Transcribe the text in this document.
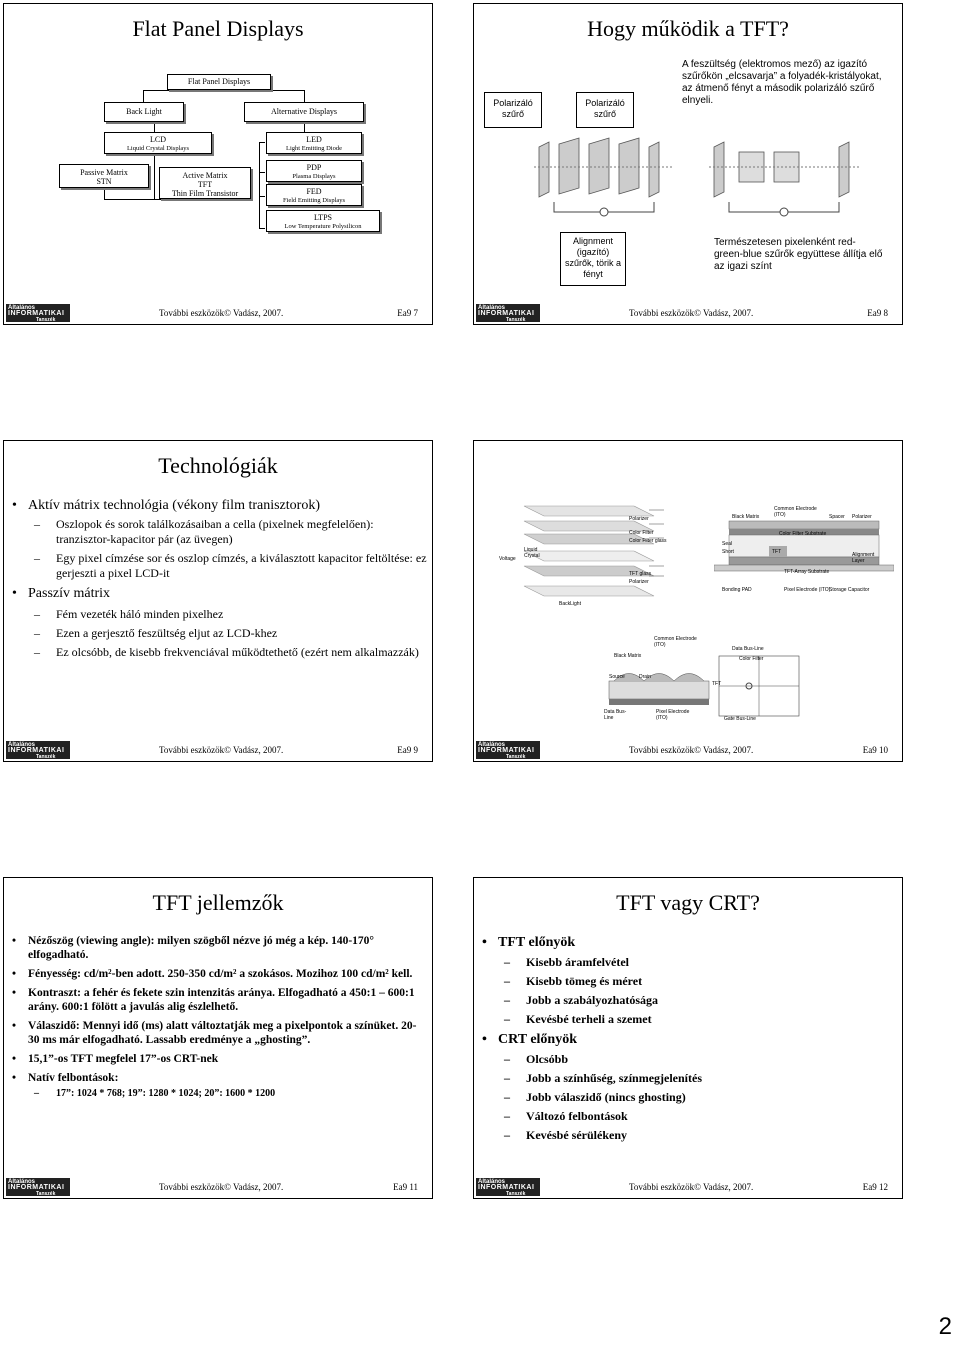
Flat Panel Displays
Flat Panel Displays
Back Light	Alternative Displays
LCD
Liquid Crystal Displays
LED
Light Emitting Diode
Passive Matrix
STN
Active Matrix
TFT
Thin Film Transistor
PDP
Plasma Displays
FED
Field Emitting Displays
LTPS
Low Temperature Polysilicon
Általános
INFORMATIKAI
Tanszék
További eszközök© Vadász, 2007.	Ea9 7
Hogy működik a TFT?
Polarizáló
szűrő
Polarizáló
szűrő
A feszültség (elektromos mező) az igazító szűrőkön „elcsavarja” a folyadék-kristályokat, az átmenő fényt a második polarizáló szűrő elnyeli.
Alignment (igazító) szűrők, törik a fényt
Természetesen pixelenként red-green-blue szűrők együttese állítja elő az igazi színt
Általános
INFORMATIKAI
Tanszék
További eszközök© Vadász, 2007.	Ea9 8
Technológiák
• Aktív mátrix technológia (vékony film tranisztorok)
– Oszlopok és sorok találkozásaiban a cella (pixelnek megfelelően): tranzisztor-kapacitor pár (az üvegen)
– Egy pixel címzése sor és oszlop címzés, a kiválasztott kapacitor feltöltése: ez gerjeszti a pixel LCD-it
• Passzív mátrix
– Fém vezeték háló minden pixelhez
– Ezen a gerjesztő feszültség eljut az LCD-khez
– Ez olcsóbb, de kisebb frekvenciával működtethető (ezért nem alkalmazzák)
Általános
INFORMATIKAI
Tanszék
További eszközök© Vadász, 2007.	Ea9 9
Polarizer
Color Filter
Color Filter glass
TFT glass
Polarizer
Voltage
Liquid Crystal
BackLight
Black Matrix
Common Electrode (ITO)	Spacer Polarizer
Color Filter Substrate
Seal
Short	TFT	Alignment Layer
TFT-Array Substrate
Bonding PAD	Pixel Electrode (ITO)
Storage Capacitor
Common Electrode (ITO)
Black Matrix
Data Bus-Line
Color Filter
Source	Drain
TFT
Data Bus-Line	Gate Bus-Line
Pixel Electrode (ITO)
Általános
INFORMATIKAI
Tanszék
További eszközök© Vadász, 2007.	Ea9 10
TFT jellemzők
• Nézőszög (viewing angle): milyen szögből nézve jó még a kép. 140-170° elfogadható.
• Fényesség: cd/m²-ben adott. 250-350 cd/m² a szokásos. Mozihoz 100 cd/m² kell.
• Kontraszt: a fehér és fekete szin intenzitás aránya. Elfogadható a 450:1 – 600:1 arány. 600:1 fölött a javulás alig észlelhető.
• Válaszidő: Mennyi idő (ms) alatt változtatják meg a pixelpontok a színüket. 20-30 ms már elfogadható. Lassabb eredménye a „ghosting”.
• 15,1”-os TFT megfelel 17”-os CRT-nek
• Natív felbontások:
– 17”: 1024 * 768; 19”: 1280 * 1024; 20”: 1600 * 1200
Általános
INFORMATIKAI
Tanszék
További eszközök© Vadász, 2007.	Ea9 11
TFT vagy CRT?
• TFT előnyök
– Kisebb áramfelvétel
– Kisebb tömeg és méret
– Jobb a szabályozhatósága
– Kevésbé terheli a szemet
• CRT előnyök
– Olcsóbb
– Jobb a színhűség, színmegjelenítés
– Jobb válaszidő (nincs ghosting)
– Változó felbontások
– Kevésbé sérülékeny
Általános
INFORMATIKAI
Tanszék
További eszközök© Vadász, 2007.	Ea9 12
2
